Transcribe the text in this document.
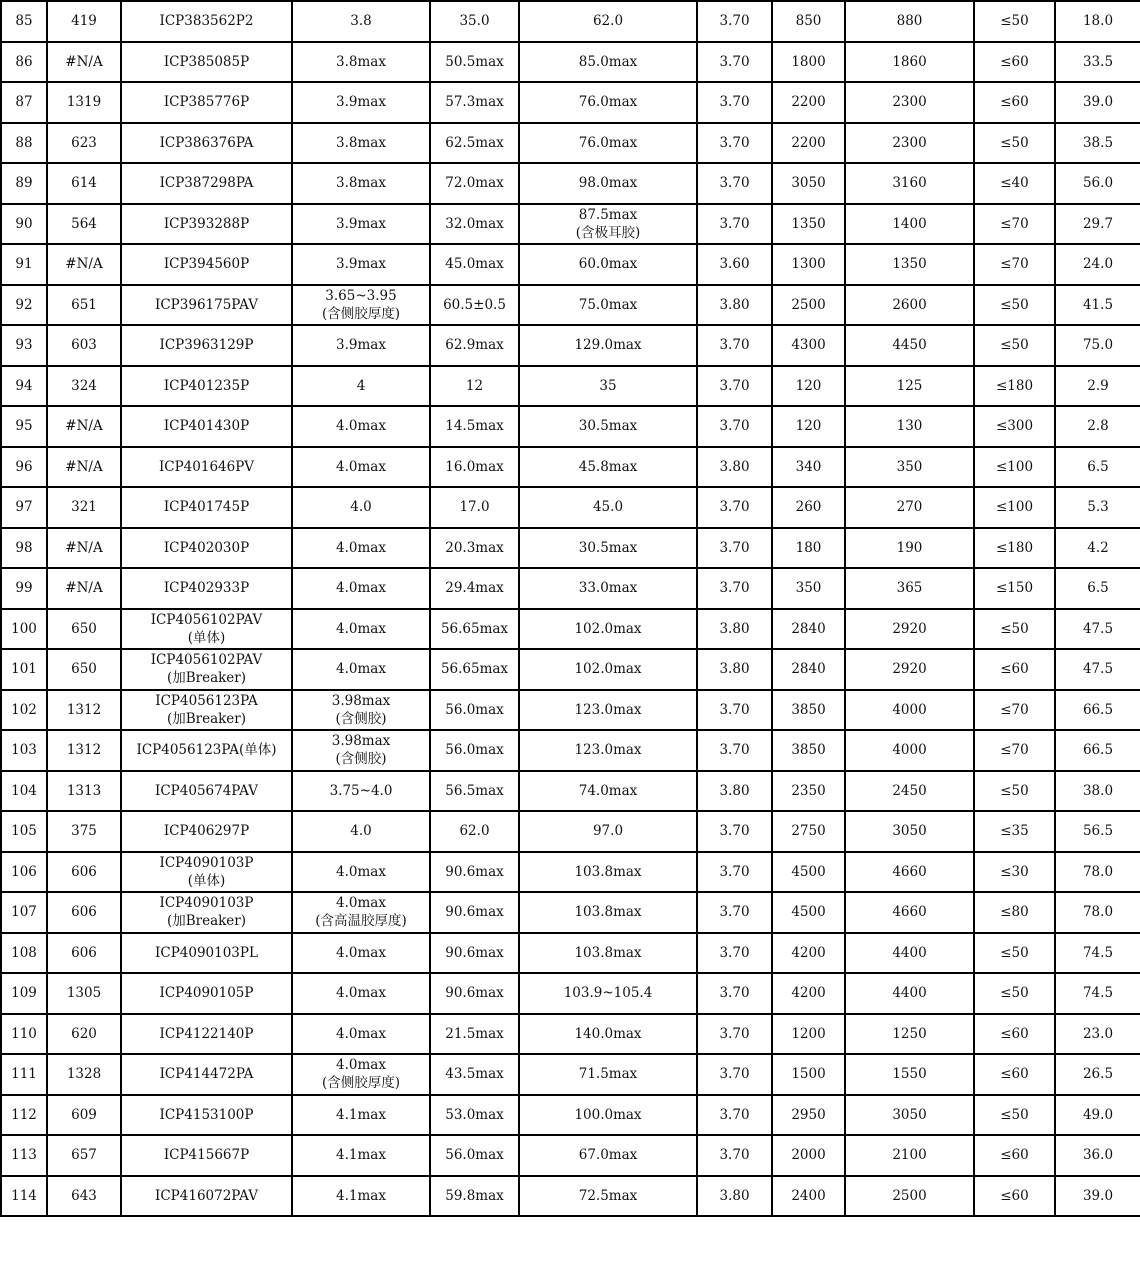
85	419	ICP383562P2	3.8	35.0	62.0	3.70	850	880	≤50	18.0

86	#N/A	ICP385085P	3.8max	50.5max	85.0max	3.70	1800	1860	≤60	33.5

87	1319	ICP385776P	3.9max	57.3max	76.0max	3.70	2200	2300	≤60	39.0

88	623	ICP386376PA	3.8max	62.5max	76.0max	3.70	2200	2300	≤50	38.5

89	614	ICP387298PA	3.8max	72.0max	98.0max	3.70	3050	3160	≤40	56.0

90	564	ICP393288P	3.9max	32.0max	87.5max
(含极耳胶)	3.70	1350	1400	≤70	29.7

91	#N/A	ICP394560P	3.9max	45.0max	60.0max	3.60	1300	1350	≤70	24.0

92	651	ICP396175PAV	3.65~3.95
(含侧胶厚度)	60.5±0.5	75.0max	3.80	2500	2600	≤50	41.5

93	603	ICP3963129P	3.9max	62.9max	129.0max	3.70	4300	4450	≤50	75.0

94	324	ICP401235P	4	12	35	3.70	120	125	≤180	2.9

95	#N/A	ICP401430P	4.0max	14.5max	30.5max	3.70	120	130	≤300	2.8

96	#N/A	ICP401646PV	4.0max	16.0max	45.8max	3.80	340	350	≤100	6.5

97	321	ICP401745P	4.0	17.0	45.0	3.70	260	270	≤100	5.3

98	#N/A	ICP402030P	4.0max	20.3max	30.5max	3.70	180	190	≤180	4.2

99	#N/A	ICP402933P	4.0max	29.4max	33.0max	3.70	350	365	≤150	6.5

100	650	ICP4056102PAV
(单体)	4.0max	56.65max	102.0max	3.80	2840	2920	≤50	47.5

101	650	ICP4056102PAV
(加Breaker)	4.0max	56.65max	102.0max	3.80	2840	2920	≤60	47.5

102	1312	ICP4056123PA
(加Breaker)	3.98max
(含侧胶)	56.0max	123.0max	3.70	3850	4000	≤70	66.5

103	1312	ICP4056123PA(单体)	3.98max
(含侧胶)	56.0max	123.0max	3.70	3850	4000	≤70	66.5

104	1313	ICP405674PAV	3.75~4.0	56.5max	74.0max	3.80	2350	2450	≤50	38.0

105	375	ICP406297P	4.0	62.0	97.0	3.70	2750	3050	≤35	56.5

106	606	ICP4090103P
(单体)	4.0max	90.6max	103.8max	3.70	4500	4660	≤30	78.0

107	606	ICP4090103P
(加Breaker)	4.0max
(含高温胶厚度)	90.6max	103.8max	3.70	4500	4660	≤80	78.0

108	606	ICP4090103PL	4.0max	90.6max	103.8max	3.70	4200	4400	≤50	74.5

109	1305	ICP4090105P	4.0max	90.6max	103.9~105.4	3.70	4200	4400	≤50	74.5

110	620	ICP4122140P	4.0max	21.5max	140.0max	3.70	1200	1250	≤60	23.0

111	1328	ICP414472PA	4.0max
(含侧胶厚度)	43.5max	71.5max	3.70	1500	1550	≤60	26.5

112	609	ICP4153100P	4.1max	53.0max	100.0max	3.70	2950	3050	≤50	49.0

113	657	ICP415667P	4.1max	56.0max	67.0max	3.70	2000	2100	≤60	36.0

114	643	ICP416072PAV	4.1max	59.8max	72.5max	3.80	2400	2500	≤60	39.0
